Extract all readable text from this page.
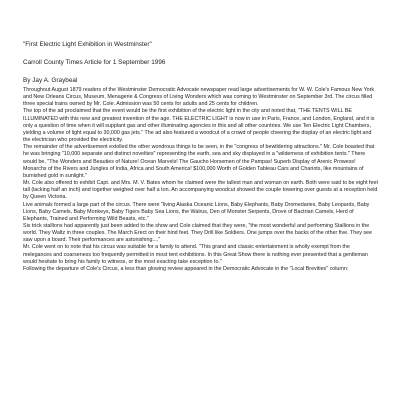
"First Electric Light Exhibition in Westminster"
Carroll County Times Article for 1 September 1996
By Jay A. Graybeal

Throughout August 1879 readers of the Westminster Democratic Advocate newspaper read large advertisements for W. W. Cole's Famous New York and New Orleans Circus, Museum, Menagerie & Congress of Living Wonders which was coming to Westminster on September 3rd. The circus filled three special trains owned by Mr. Cole. Admission was 50 cents for adults and 25 cents for children.

The top of the ad proclaimed that the event would be the first exhibition of the electric light in the city and noted that, "THE TENTS WILL BE ILLUMINATED with this new and greatest invention of the age. THE ELECTRIC LIGHT is now in use in Paris, France, and London, England, and it is only a question of time when it will supplant gas and other illuminating agencies in this and all other countries. We use Ten Electric Light Chambers, yielding a volume of light equal to 30,000 gas jets." The ad also featured a woodcut of a crowd of people cheering the display of an electric light and the electrician who provided the electricity.

The remainder of the advertisement extolled the other wondrous things to be seen, in the "congress of bewildering attractions." Mr. Cole boasted that he was bringing "10,000 separate and distinct novelties" representing the earth, sea and sky displayed in a "wilderness of exhibition tents." There would be, "The Wonders and Beauties of Nature! Ocean Marvels! The Gaucho Horsemen of the Pampas! Superb Display of Arenic Prowess! Monarchs of the Rivers and Jungles of India, Africa and South America! $100,000 Worth of Golden Tableau Cars and Chariots, like mountains of burnished gold in sunlight."

Mr. Cole also offered to exhibit Capt. and Mrs. M. V. Bates whom he claimed were the tallest man and woman on earth. Both were said to be eight feet tall (lacking half an inch) and together weighed over half a ton. An accompanying woodcut showed the couple towering over guests at a reception held by Queen Victoria.

Live animals formed a large part of the circus. There were "living Alaska Oceanic Lions, Baby Elephants, Baby Dromedaries, Baby Leopards, Baby Lions, Baby Camels, Baby Monkeys, Baby Tigers Baby Sea Lions, the Walrus, Den of Monster Serpents, Drove of Bactrian Camels, Herd of Elephants, Trained and Performing Wild Beasts, etc."

Six trick stallions had apparently just been added to the show and Cole claimed that they were, "the most wonderful and performing Stallions in the world. They Waltz in three couples. The March Erect on their hind feet. They Drill like Soldiers. One jumps over the backs of the other five. They see saw upon a board. Their performances are astonishing...."

Mr. Cole went on to note that his circus was suitable for a family to attend. "This grand and classic entertainment is wholly exempt from the melegances and coarseness too frequently permitted in most tent exhibitions. In this Great Show there is nothing ever presented that a gentleman would hesitate to bring his family to witness, or the most exacting take exception to."

Following the departure of Cole's Circus, a less than glowing review appeared in the Democratic Advocate in the "Local Brevities" column:
